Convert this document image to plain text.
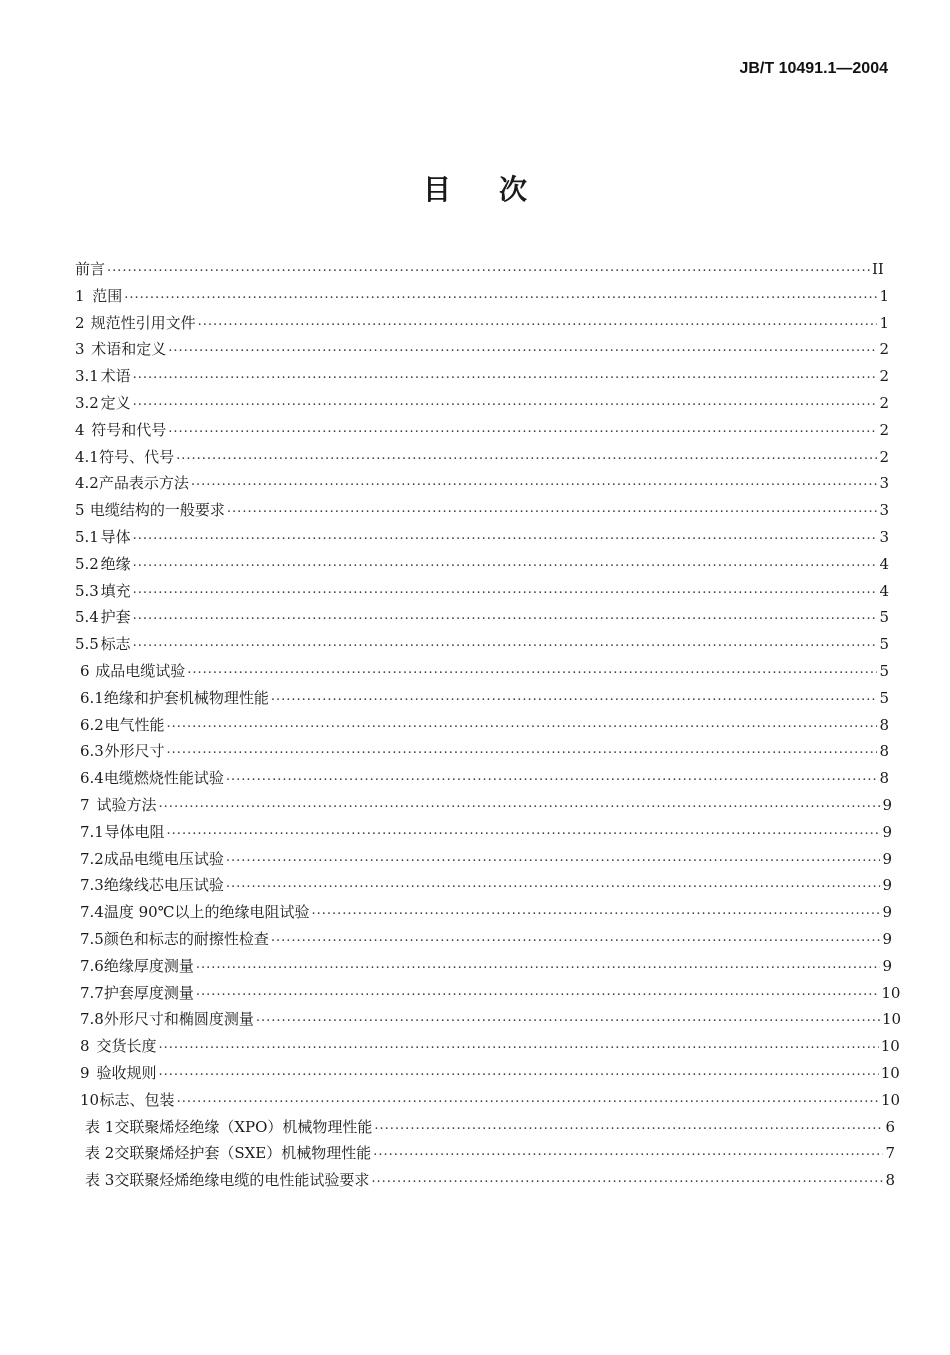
JB/T 10491.1—2004
目次
前言 .....	II
1 范围 .....	1
2 规范性引用文件 .....	1
3 术语和定义 .....	2
3.1 术语 .....	2
3.2 定义 .....	2
4 符号和代号 .....	2
4.1 符号、代号 .....	2
4.2 产品表示方法 .....	3
5 电缆结构的一般要求 .....	3
5.1 导体 .....	3
5.2 绝缘 .....	4
5.3 填充 .....	4
5.4 护套 .....	5
5.5 标志 .....	5
6 成品电缆试验 .....	5
6.1 绝缘和护套机械物理性能 .....	5
6.2 电气性能 .....	8
6.3 外形尺寸 .....	8
6.4 电缆燃烧性能试验 .....	8
7 试验方法 .....	9
7.1 导体电阻 .....	9
7.2 成品电缆电压试验 .....	9
7.3 绝缘线芯电压试验 .....	9
7.4 温度 90℃以上的绝缘电阻试验 .....	9
7.5 颜色和标志的耐擦性检查 .....	9
7.6 绝缘厚度测量 .....	9
7.7 护套厚度测量 .....	10
7.8 外形尺寸和椭圆度测量 .....	10
8 交货长度 .....	10
9 验收规则 .....	10
10 标志、包装 .....	10
表 1 交联聚烯烃绝缘（XPO）机械物理性能 .....	6
表 2 交联聚烯烃护套（SXE）机械物理性能 .....	7
表 3 交联聚烃烯绝缘电缆的电性能试验要求 .....	8
